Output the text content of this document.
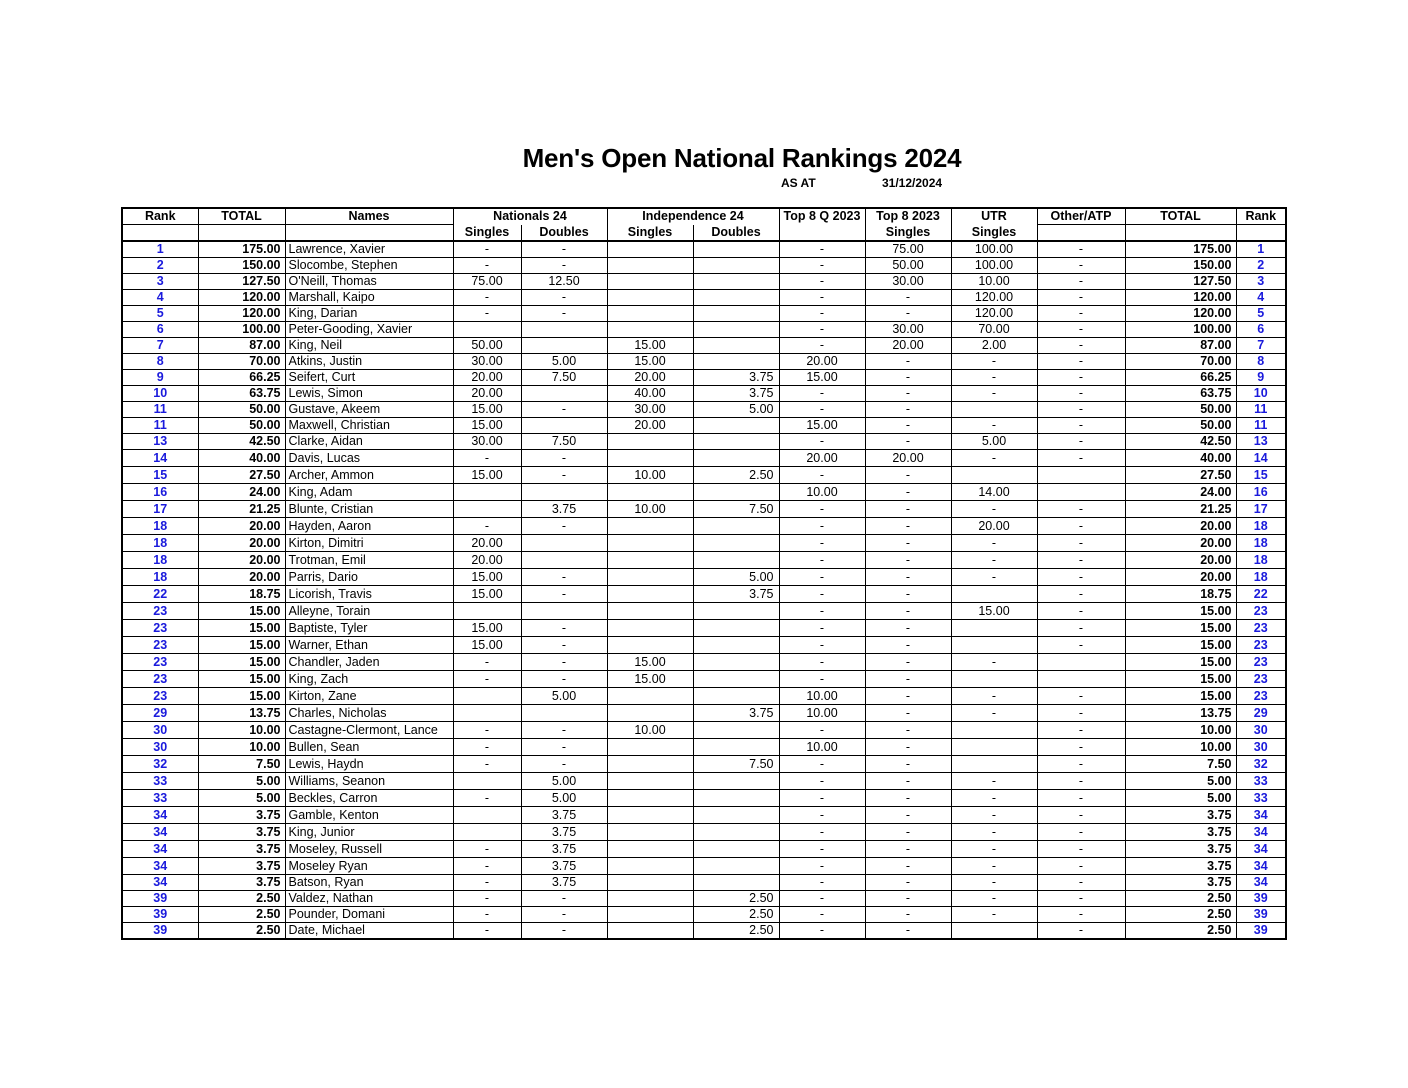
Men's Open National Rankings 2024
AS AT	31/12/2024
Rank	TOTAL	Names	Nationals 24		Independence 24		Top 8 Q 2023	Top 8 2023	UTR	Other/ATP	TOTAL	Rank
			Singles	Doubles	Singles	Doubles		Singles	Singles			
1	175.00	Lawrence, Xavier	-	-			-	75.00	100.00	-	175.00	1
2	150.00	Slocombe, Stephen	-	-			-	50.00	100.00	-	150.00	2
3	127.50	O'Neill, Thomas	75.00	12.50			-	30.00	10.00	-	127.50	3
4	120.00	Marshall, Kaipo	-	-			-	-	120.00	-	120.00	4
5	120.00	King, Darian	-	-			-	-	120.00	-	120.00	5
6	100.00	Peter-Gooding, Xavier					-	30.00	70.00	-	100.00	6
7	87.00	King, Neil	50.00		15.00		-	20.00	2.00	-	87.00	7
8	70.00	Atkins, Justin	30.00	5.00	15.00		20.00	-	-	-	70.00	8
9	66.25	Seifert, Curt	20.00	7.50	20.00	3.75	15.00	-	-	-	66.25	9
10	63.75	Lewis, Simon	20.00		40.00	3.75	-	-	-	-	63.75	10
11	50.00	Gustave, Akeem	15.00	-	30.00	5.00	-	-		-	50.00	11
11	50.00	Maxwell, Christian	15.00		20.00		15.00	-	-	-	50.00	11
13	42.50	Clarke, Aidan	30.00	7.50			-	-	5.00	-	42.50	13
14	40.00	Davis, Lucas	-	-			20.00	20.00	-	-	40.00	14
15	27.50	Archer, Ammon	15.00	-	10.00	2.50	-	-			27.50	15
16	24.00	King, Adam					10.00	-	14.00		24.00	16
17	21.25	Blunte, Cristian		3.75	10.00	7.50	-	-	-	-	21.25	17
18	20.00	Hayden, Aaron	-	-			-	-	20.00	-	20.00	18
18	20.00	Kirton, Dimitri	20.00				-	-	-	-	20.00	18
18	20.00	Trotman, Emil	20.00				-	-	-	-	20.00	18
18	20.00	Parris, Dario	15.00	-		5.00	-	-	-	-	20.00	18
22	18.75	Licorish, Travis	15.00	-		3.75	-	-		-	18.75	22
23	15.00	Alleyne, Torain					-	-	15.00	-	15.00	23
23	15.00	Baptiste, Tyler	15.00	-			-	-		-	15.00	23
23	15.00	Warner, Ethan	15.00	-			-	-		-	15.00	23
23	15.00	Chandler, Jaden	-	-	15.00		-	-	-		15.00	23
23	15.00	King, Zach	-	-	15.00		-	-			15.00	23
23	15.00	Kirton, Zane		5.00			10.00	-	-	-	15.00	23
29	13.75	Charles, Nicholas				3.75	10.00	-	-	-	13.75	29
30	10.00	Castagne-Clermont, Lance	-	-	10.00		-	-		-	10.00	30
30	10.00	Bullen, Sean	-	-			10.00	-		-	10.00	30
32	7.50	Lewis, Haydn	-	-		7.50	-	-		-	7.50	32
33	5.00	Williams, Seanon		5.00			-	-	-	-	5.00	33
33	5.00	Beckles, Carron	-	5.00			-	-	-	-	5.00	33
34	3.75	Gamble, Kenton		3.75			-	-	-	-	3.75	34
34	3.75	King, Junior		3.75			-	-	-	-	3.75	34
34	3.75	Moseley, Russell	-	3.75			-	-	-	-	3.75	34
34	3.75	Moseley Ryan	-	3.75			-	-	-	-	3.75	34
34	3.75	Batson, Ryan	-	3.75			-	-	-	-	3.75	34
39	2.50	Valdez, Nathan	-	-		2.50	-	-	-	-	2.50	39
39	2.50	Pounder, Domani	-	-		2.50	-	-	-	-	2.50	39
39	2.50	Date, Michael	-	-		2.50	-	-		-	2.50	39
